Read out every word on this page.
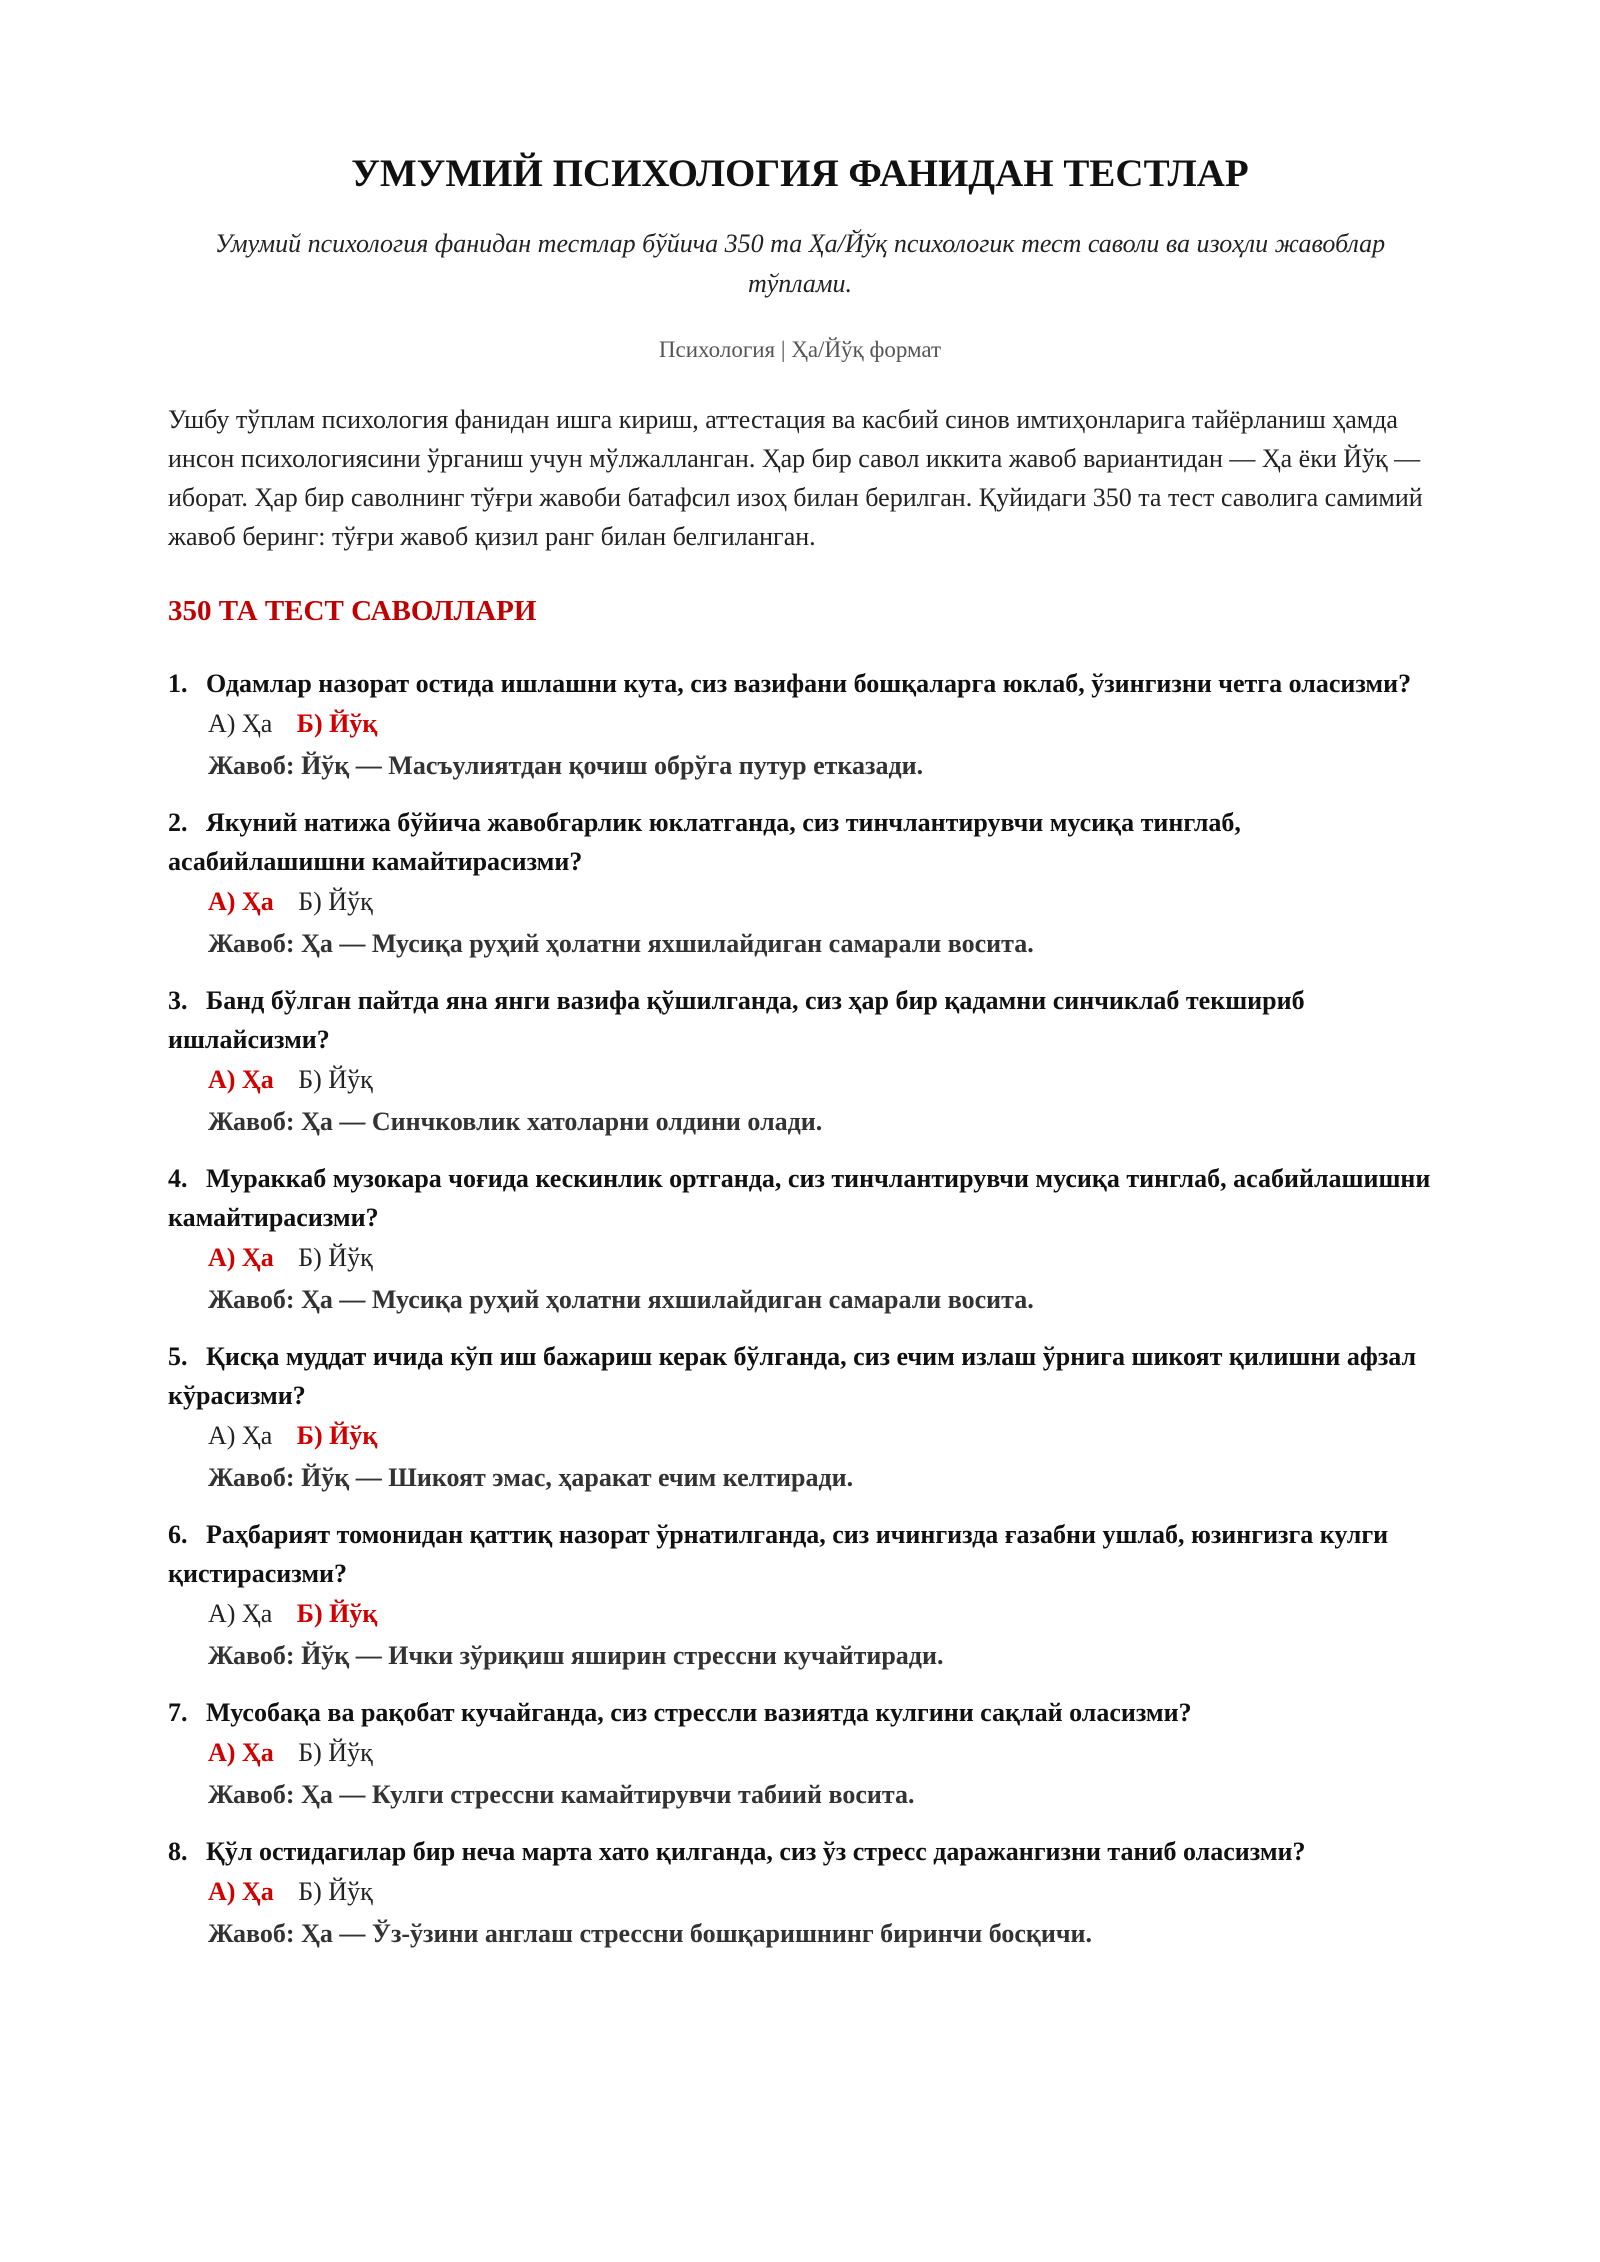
УМУМИЙ ПСИХОЛОГИЯ ФАНИДАН ТЕСТЛАР

Умумий психология фанидан тестлар бўйича 350 та Ҳа/Йўқ психологик тест саволи ва изоҳли жавоблар тўплами.

Психология | Ҳа/Йўқ формат

Ушбу тўплам психология фанидан ишга кириш, аттестация ва касбий синов имтиҳонларига тайёрланиш ҳамда инсон психологиясини ўрганиш учун мўлжалланган. Ҳар бир савол иккита жавоб вариантидан — Ҳа ёки Йўқ — иборат. Ҳар бир саволнинг тўғри жавоби батафсил изоҳ билан берилган. Қуйидаги 350 та тест саволига самимий жавоб беринг: тўғри жавоб қизил ранг билан белгиланган.

350 ТА ТЕСТ САВОЛЛАРИ

1. Одамлар назорат остида ишлашни кута, сиз вазифани бошқаларга юклаб, ўзингизни четга оласизми?

А) Ҳа Б) Йўқ

Жавоб: Йўқ — Масъулиятдан қочиш обрўга путур етказади.

2. Якуний натижа бўйича жавобгарлик юклатганда, сиз тинчлантирувчи мусиқа тинглаб, асабийлашишни камайтирасизми?

А) Ҳа Б) Йўқ

Жавоб: Ҳа — Мусиқа руҳий ҳолатни яхшилайдиган самарали восита.

3. Банд бўлган пайтда яна янги вазифа қўшилганда, сиз ҳар бир қадамни синчиклаб текшириб ишлайсизми?

А) Ҳа Б) Йўқ

Жавоб: Ҳа — Синчковлик хатоларни олдини олади.

4. Мураккаб музокара чоғида кескинлик ортганда, сиз тинчлантирувчи мусиқа тинглаб, асабийлашишни камайтирасизми?

А) Ҳа Б) Йўқ

Жавоб: Ҳа — Мусиқа руҳий ҳолатни яхшилайдиган самарали восита.

5. Қисқа муддат ичида кўп иш бажариш керак бўлганда, сиз ечим излаш ўрнига шикоят қилишни афзал кўрасизми?

А) Ҳа Б) Йўқ

Жавоб: Йўқ — Шикоят эмас, ҳаракат ечим келтиради.

6. Раҳбарият томонидан қаттиқ назорат ўрнатилганда, сиз ичингизда ғазабни ушлаб, юзингизга кулги қистирасизми?

А) Ҳа Б) Йўқ

Жавоб: Йўқ — Ички зўриқиш яширин стрессни кучайтиради.

7. Мусобақа ва рақобат кучайганда, сиз стрессли вазиятда кулгини сақлай оласизми?

А) Ҳа Б) Йўқ

Жавоб: Ҳа — Кулги стрессни камайтирувчи табиий восита.

8. Қўл остидагилар бир неча марта хато қилганда, сиз ўз стресс даражангизни таниб оласизми?

А) Ҳа Б) Йўқ

Жавоб: Ҳа — Ўз-ўзини англаш стрессни бошқаришнинг биринчи босқичи.
